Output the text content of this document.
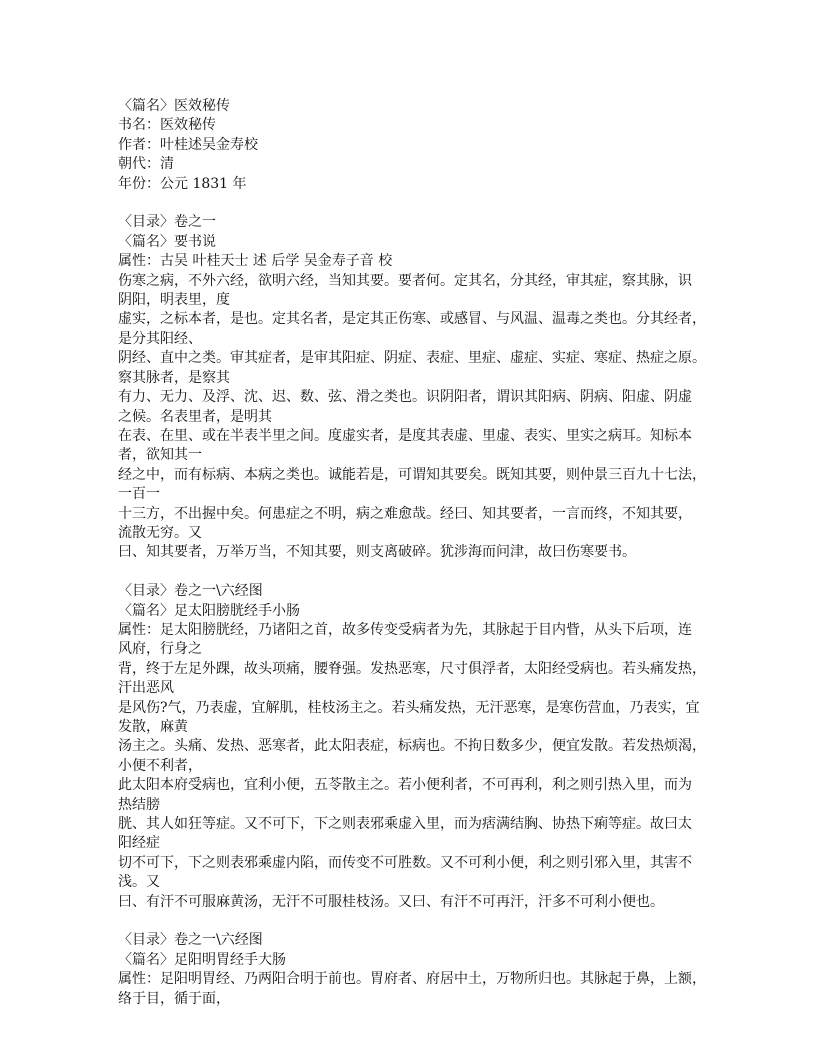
〈篇名〉医效秘传
书名：医效秘传
作者：叶桂述吴金寿校
朝代：清
年份：公元 1831 年
〈目录〉卷之一
〈篇名〉要书说
属性：古吴 叶桂天士 述 后学 吴金寿子音 校
伤寒之病，不外六经，欲明六经，当知其要。要者何。定其名，分其经，审其症，察其脉，识
阴阳，明表里，度
虚实，之标本者，是也。定其名者，是定其正伤寒、或感冒、与风温、温毒之类也。分其经者，
是分其阳经、
阴经、直中之类。审其症者，是审其阳症、阴症、表症、里症、虚症、实症、寒症、热症之原。
察其脉者，是察其
有力、无力、及浮、沈、迟、数、弦、滑之类也。识阴阳者，谓识其阳病、阴病、阳虚、阴虚
之候。名表里者，是明其
在表、在里、或在半表半里之间。度虚实者，是度其表虚、里虚、表实、里实之病耳。知标本
者，欲知其一
经之中，而有标病、本病之类也。诚能若是，可谓知其要矣。既知其要，则仲景三百九十七法，
一百一
十三方，不出握中矣。何患症之不明，病之难愈哉。经曰、知其要者，一言而终，不知其要，
流散无穷。又
曰、知其要者，万举万当，不知其要，则支离破碎。犹涉海而问津，故曰伤寒要书。
〈目录〉卷之一\六经图
〈篇名〉足太阳膀胱经手小肠
属性：足太阳膀胱经，乃诸阳之首，故多传变受病者为先，其脉起于目内眥，从头下后项，连
风府，行身之
背，终于左足外踝，故头项痛，腰脊强。发热恶寒，尺寸俱浮者，太阳经受病也。若头痛发热，
汗出恶风
是风伤?气，乃表虚，宜解肌，桂枝汤主之。若头痛发热，无汗恶寒，是寒伤营血，乃表实，宜
发散，麻黄
汤主之。头痛、发热、恶寒者，此太阳表症，标病也。不拘日数多少，便宜发散。若发热烦渴，
小便不利者，
此太阳本府受病也，宜利小便，五苓散主之。若小便利者，不可再利，利之则引热入里，而为
热结膀
胱、其人如狂等症。又不可下，下之则表邪乘虚入里，而为痞满结胸、协热下痢等症。故曰太
阳经症
切不可下，下之则表邪乘虚内陷，而传变不可胜数。又不可利小便，利之则引邪入里，其害不
浅。又
曰、有汗不可服麻黄汤，无汗不可服桂枝汤。又曰、有汗不可再汗，汗多不可利小便也。
〈目录〉卷之一\六经图
〈篇名〉足阳明胃经手大肠
属性：足阳明胃经、乃两阳合明于前也。胃府者、府居中土，万物所归也。其脉起于鼻，上额，
络于目，循于面，
